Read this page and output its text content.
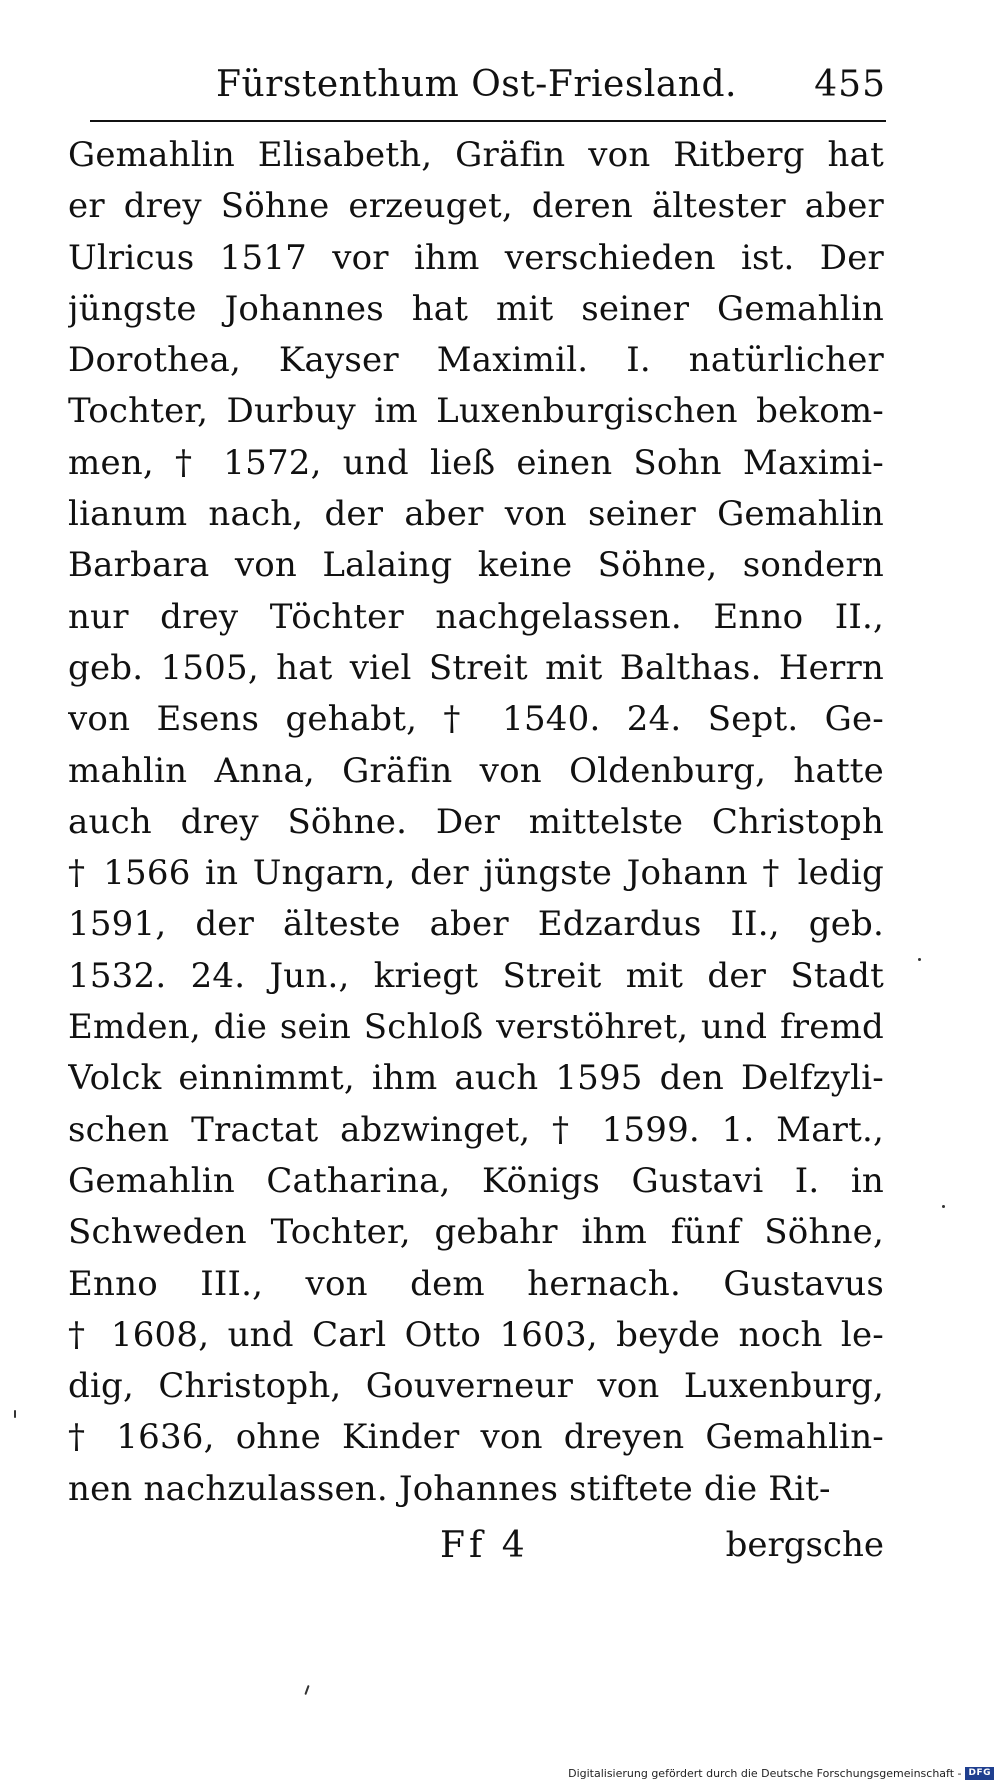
Fürstenthum Ost-Friesland. 455
Gemahlin Elisabeth, Gräfin von Ritberg hat
er drey Söhne erzeuget, deren ältester aber
Ulricus 1517 vor ihm verschieden ist. Der
jüngste Johannes hat mit seiner Gemahlin
Dorothea, Kayser Maximil. I. natürlicher
Tochter, Durbuy im Luxenburgischen bekom-
men, † 1572, und ließ einen Sohn Maximi-
lianum nach, der aber von seiner Gemahlin
Barbara von Lalaing keine Söhne, sondern
nur drey Töchter nachgelassen. Enno II.,
geb. 1505, hat viel Streit mit Balthas. Herrn
von Esens gehabt, † 1540. 24. Sept. Ge-
mahlin Anna, Gräfin von Oldenburg, hatte
auch drey Söhne. Der mittelste Christoph
† 1566 in Ungarn, der jüngste Johann † ledig
1591, der älteste aber Edzardus II., geb.
1532. 24. Jun., kriegt Streit mit der Stadt
Emden, die sein Schloß verstöhret, und fremd
Volck einnimmt, ihm auch 1595 den Delfzyli-
schen Tractat abzwinget, † 1599. 1. Mart.,
Gemahlin Catharina, Königs Gustavi I. in
Schweden Tochter, gebahr ihm fünf Söhne,
Enno III., von dem hernach. Gustavus
† 1608, und Carl Otto 1603, beyde noch le-
dig, Christoph, Gouverneur von Luxenburg,
† 1636, ohne Kinder von dreyen Gemahlin-
nen nachzulassen. Johannes stiftete die Rit-
Ff 4	bergsche
Digitalisierung gefördert durch die Deutsche Forschungsgemeinschaft - DFG
